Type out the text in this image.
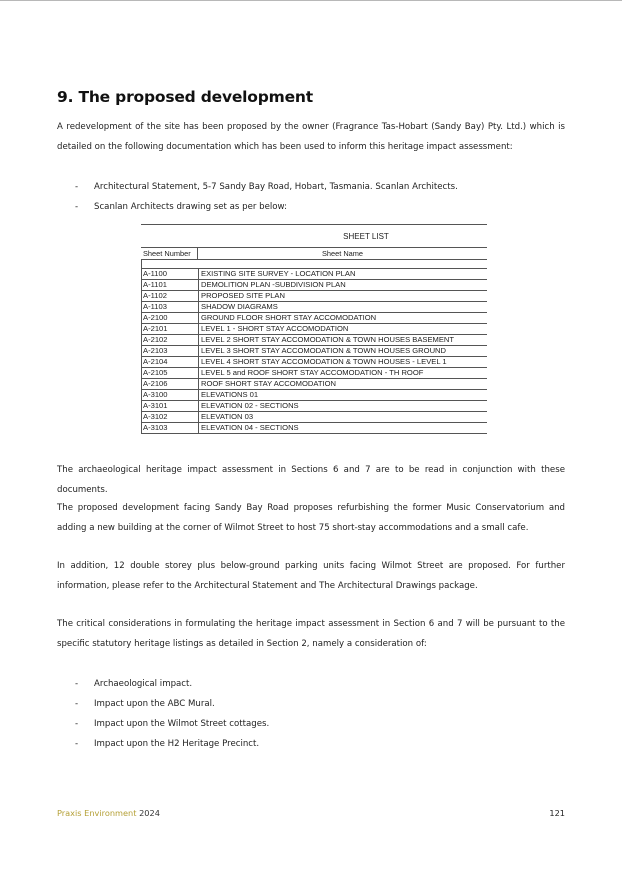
9. The proposed development

A redevelopment of the site has been proposed by the owner (Fragrance Tas-Hobart (Sandy Bay) Pty. Ltd.) which is detailed on the following documentation which has been used to inform this heritage impact assessment:

- Architectural Statement, 5-7 Sandy Bay Road, Hobart, Tasmania. Scanlan Architects.
- Scanlan Architects drawing set as per below:
SHEET LIST
Sheet Number	Sheet Name
A-1100	EXISTING SITE SURVEY - LOCATION PLAN
A-1101	DEMOLITION PLAN -SUBDIVISION PLAN
A-1102	PROPOSED SITE PLAN
A-1103	SHADOW DIAGRAMS
A-2100	GROUND FLOOR SHORT STAY ACCOMODATION
A-2101	LEVEL 1 - SHORT STAY ACCOMODATION
A-2102	LEVEL 2 SHORT STAY ACCOMODATION & TOWN HOUSES BASEMENT
A-2103	LEVEL 3 SHORT STAY ACCOMODATION & TOWN HOUSES GROUND
A-2104	LEVEL 4 SHORT STAY ACCOMODATION & TOWN HOUSES - LEVEL 1
A-2105	LEVEL 5 and ROOF SHORT STAY ACCOMODATION - TH ROOF
A-2106	ROOF SHORT STAY ACCOMODATION
A-3100	ELEVATIONS 01
A-3101	ELEVATION 02 - SECTIONS
A-3102	ELEVATION 03
A-3103	ELEVATION 04 - SECTIONS

The archaeological heritage impact assessment in Sections 6 and 7 are to be read in conjunction with these documents.

The proposed development facing Sandy Bay Road proposes refurbishing the former Music Conservatorium and adding a new building at the corner of Wilmot Street to host 75 short-stay accommodations and a small cafe.

In addition, 12 double storey plus below-ground parking units facing Wilmot Street are proposed. For further information, please refer to the Architectural Statement and The Architectural Drawings package.

The critical considerations in formulating the heritage impact assessment in Section 6 and 7 will be pursuant to the specific statutory heritage listings as detailed in Section 2, namely a consideration of:

- Archaeological impact.
- Impact upon the ABC Mural.
- Impact upon the Wilmot Street cottages.
- Impact upon the H2 Heritage Precinct.
Praxis Environment 2024	121
